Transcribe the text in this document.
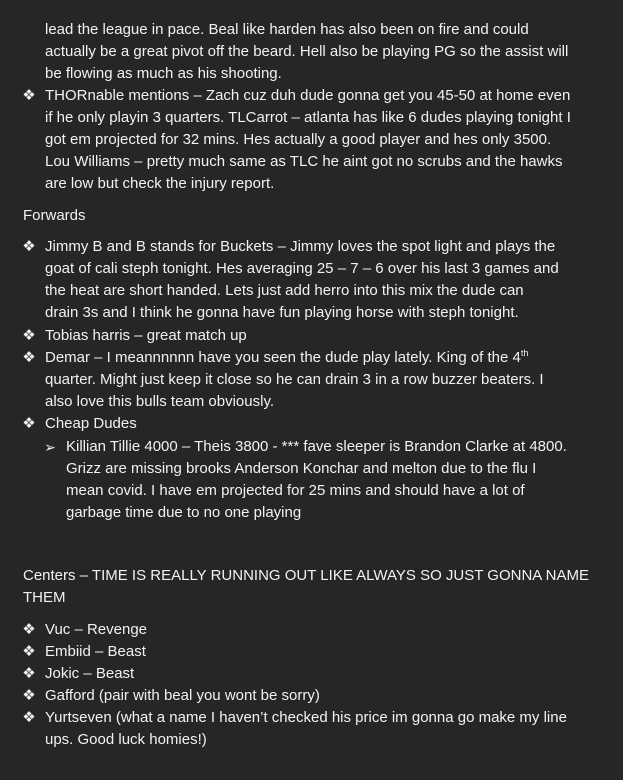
lead the league in pace. Beal like harden has also been on fire and could
actually be a great pivot off the beard. Hell also be playing PG so the assist will
be flowing as much as his shooting.
❖ THORnable mentions – Zach cuz duh dude gonna get you 45-50 at home even
if he only playin 3 quarters. TLCarrot – atlanta has like 6 dudes playing tonight I
got em projected for 32 mins. Hes actually a good player and hes only 3500.
Lou Williams – pretty much same as TLC he aint got no scrubs and the hawks
are low but check the injury report.
Forwards
❖ Jimmy B and B stands for Buckets – Jimmy loves the spot light and plays the
goat of cali steph tonight. Hes averaging 25 – 7 – 6 over his last 3 games and
the heat are short handed. Lets just add herro into this mix the dude can
drain 3s and I think he gonna have fun playing horse with steph tonight.
❖ Tobias harris – great match up
❖ Demar – I meannnnnn have you seen the dude play lately. King of the 4th
quarter. Might just keep it close so he can drain 3 in a row buzzer beaters. I
also love this bulls team obviously.
❖ Cheap Dudes
➢ Killian Tillie 4000 – Theis 3800 - *** fave sleeper is Brandon Clarke at 4800.
Grizz are missing brooks Anderson Konchar and melton due to the flu I
mean covid. I have em projected for 25 mins and should have a lot of
garbage time due to no one playing
Centers – TIME IS REALLY RUNNING OUT LIKE ALWAYS SO JUST GONNA NAME
THEM
❖ Vuc – Revenge
❖ Embiid – Beast
❖ Jokic – Beast
❖ Gafford (pair with beal you wont be sorry)
❖ Yurtseven (what a name I haven’t checked his price im gonna go make my line
ups. Good luck homies!)
